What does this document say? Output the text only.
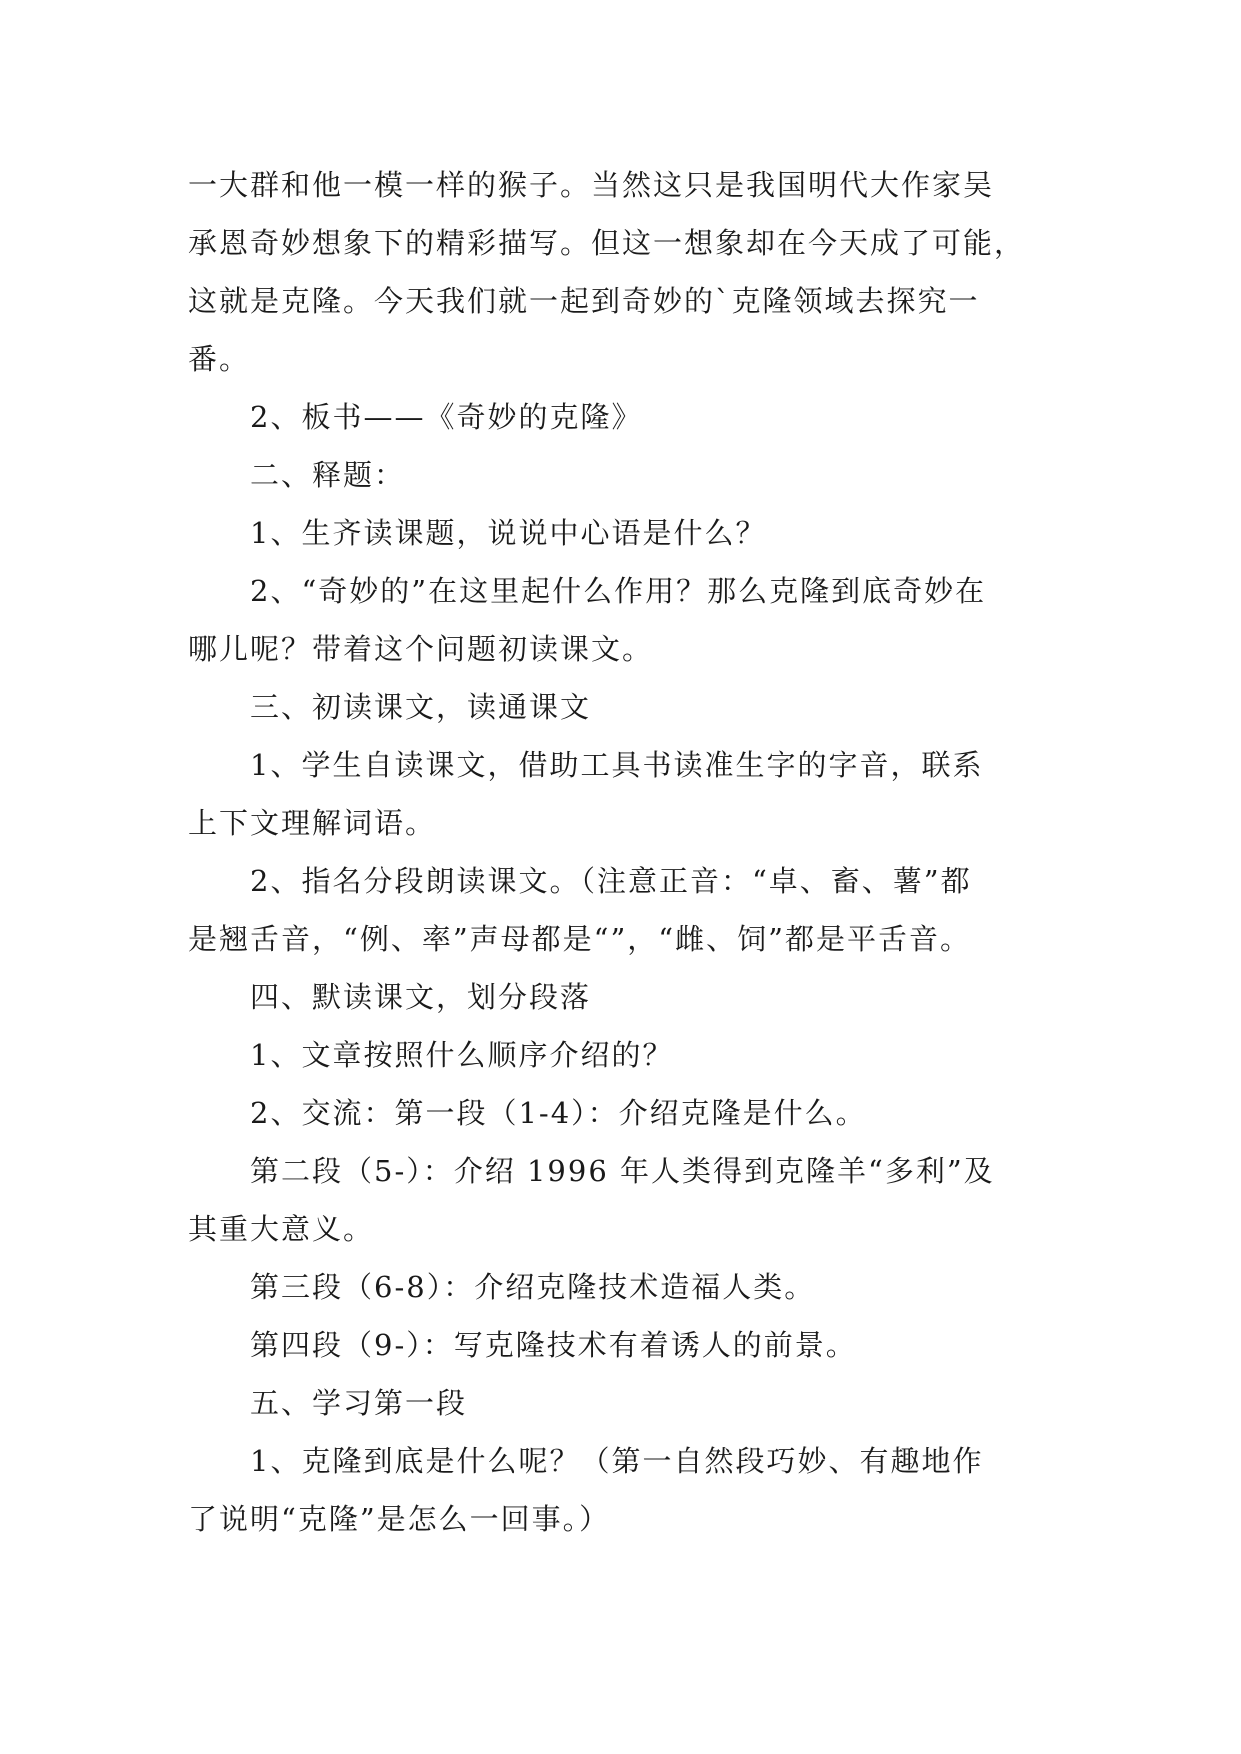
一大群和他一模一样的猴子。当然这只是我国明代大作家吴

承恩奇妙想象下的精彩描写。但这一想象却在今天成了可能，

这就是克隆。今天我们就一起到奇妙的`克隆领域去探究一

番。

2、板书——《奇妙的克隆》

二、释题：

1、生齐读课题，说说中心语是什么？

2、“奇妙的”在这里起什么作用？那么克隆到底奇妙在

哪儿呢？带着这个问题初读课文。

三、初读课文，读通课文

1、学生自读课文，借助工具书读准生字的字音，联系

上下文理解词语。

2、指名分段朗读课文。（注意正音：“卓、畜、薯”都

是翘舌音，“例、率”声母都是“”，“雌、饲”都是平舌音。

四、默读课文，划分段落

1、文章按照什么顺序介绍的？

2、交流：第一段（1-4）：介绍克隆是什么。

第二段（5-）：介绍 1996 年人类得到克隆羊“多利”及

其重大意义。

第三段（6-8）：介绍克隆技术造福人类。

第四段（9-）：写克隆技术有着诱人的前景。

五、学习第一段

1、克隆到底是什么呢？（第一自然段巧妙、有趣地作

了说明“克隆”是怎么一回事。）
